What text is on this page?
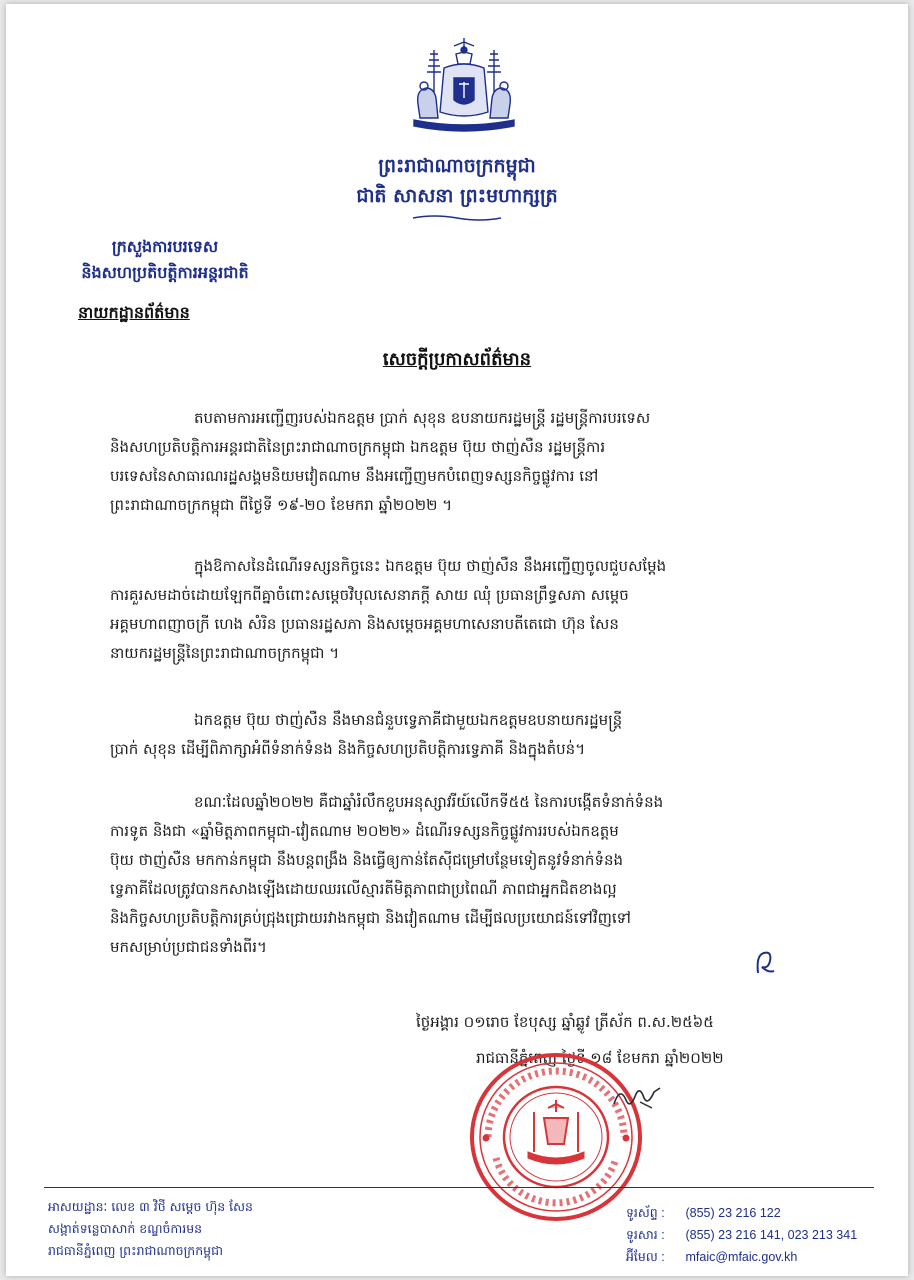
ព្រះរាជាណាចក្រកម្ពុជា
ជាតិ សាសនា ព្រះមហាក្សត្រ
ក្រសួងការបរទេស
និងសហប្រតិបត្តិការអន្តរជាតិ
នាយកដ្ឋានព័ត៌មាន
សេចក្តីប្រកាសព័ត៌មាន
តបតាមការអញ្ជើញរបស់ឯកឧត្តម ប្រាក់ សុខុន ឧបនាយករដ្ឋមន្ត្រី រដ្ឋមន្ត្រីការបរទេស
និងសហប្រតិបត្តិការអន្តរជាតិនៃព្រះរាជាណាចក្រកម្ពុជា ឯកឧត្តម ប៊ុយ ថាញ់សឺន រដ្ឋមន្ត្រីការ
បរទេសនៃសាធារណរដ្ឋសង្គមនិយមវៀតណាម នឹងអញ្ជើញមកបំពេញទស្សនកិច្ចផ្លូវការ នៅ
ព្រះរាជាណាចក្រកម្ពុជា ពីថ្ងៃទី ១៩-២០ ខែមករា ឆ្នាំ២០២២ ។
ក្នុងឱកាសនៃដំណើរទស្សនកិច្ចនេះ ឯកឧត្តម ប៊ុយ ថាញ់សឺន នឹងអញ្ជើញចូលជួបសម្តែង
ការគួរសមដាច់ដោយឡែកពីគ្នាចំពោះសម្តេចវិបុលសេនាភក្តី សាយ ឈុំ ប្រធានព្រឹទ្ធសភា សម្តេច
អគ្គមហាពញាចក្រី ហេង សំរិន ប្រធានរដ្ឋសភា និងសម្តេចអគ្គមហាសេនាបតីតេជោ ហ៊ុន សែន
នាយករដ្ឋមន្ត្រីនៃព្រះរាជាណាចក្រកម្ពុជា ។
ឯកឧត្តម ប៊ុយ ថាញ់សឺន នឹងមានជំនួបទ្វេភាគីជាមួយឯកឧត្តមឧបនាយករដ្ឋមន្ត្រី
ប្រាក់ សុខុន ដើម្បីពិភាក្សាអំពីទំនាក់ទំនង និងកិច្ចសហប្រតិបត្តិការទ្វេភាគី និងក្នុងតំបន់។
ខណៈដែលឆ្នាំ២០២២ គឺជាឆ្នាំរំលឹកខួបអនុស្សាវរីយ៍លើកទី៥៥ នៃការបង្កើតទំនាក់ទំនង
ការទូត និងជា «ឆ្នាំមិត្តភាពកម្ពុជា-វៀតណាម ២០២២» ដំណើរទស្សនកិច្ចផ្លូវការរបស់ឯកឧត្តម
ប៊ុយ ថាញ់សឺន មកកាន់កម្ពុជា នឹងបន្តពង្រឹង និងធ្វើឲ្យកាន់តែស៊ីជម្រៅបន្ថែមទៀតនូវទំនាក់ទំនង
ទ្វេភាគីដែលត្រូវបានកសាងឡើងដោយឈរលើស្មារតីមិត្តភាពជាប្រពៃណី ភាពជាអ្នកជិតខាងល្អ
និងកិច្ចសហប្រតិបត្តិការគ្រប់ជ្រុងជ្រោយរវាងកម្ពុជា និងវៀតណាម ដើម្បីផលប្រយោជន៍ទៅវិញទៅ
មកសម្រាប់ប្រជាជនទាំងពីរ។
ថ្ងៃអង្គារ ០១រោច ខែបុស្ស ឆ្នាំឆ្លូវ ត្រីស័ក ព.ស.២៥៦៥
រាជធានីភ្នំពេញ ថ្ងៃទី ១៨ ខែមករា ឆ្នាំ២០២២
អាសយដ្ឋានៈ លេខ ៣ វិថី សម្តេច ហ៊ុន សែន
សង្កាត់ទន្លេបាសាក់ ខណ្ឌចំការមន
រាជធានីភ្នំពេញ ព្រះរាជាណាចក្រកម្ពុជា
ទូរស័ព្ទ : (855) 23 216 122
ទូរសារ : (855) 23 216 141, 023 213 341
អ៊ីមែល : mfaic@mfaic.gov.kh
